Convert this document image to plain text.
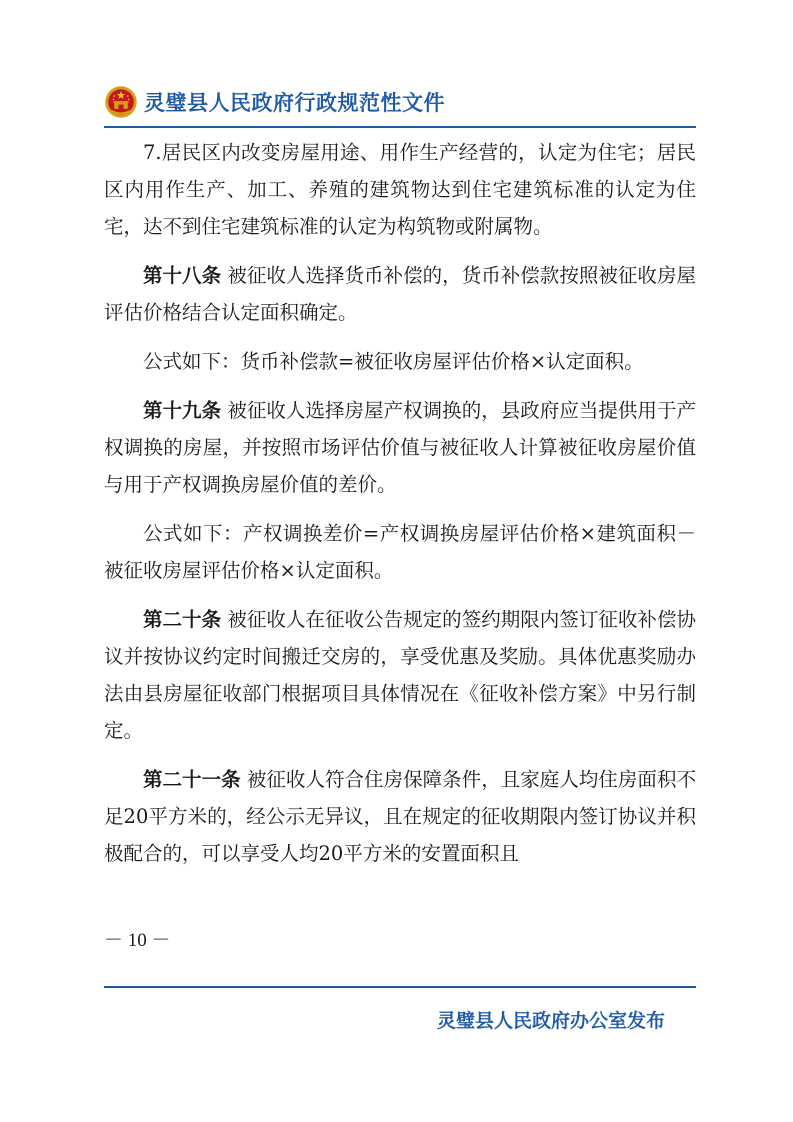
灵璧县人民政府行政规范性文件

7.居民区内改变房屋用途、用作生产经营的，认定为住宅；居民区内用作生产、加工、养殖的建筑物达到住宅建筑标准的认定为住宅，达不到住宅建筑标准的认定为构筑物或附属物。

第十八条 被征收人选择货币补偿的，货币补偿款按照被征收房屋评估价格结合认定面积确定。

公式如下：货币补偿款=被征收房屋评估价格×认定面积。

第十九条 被征收人选择房屋产权调换的，县政府应当提供用于产权调换的房屋，并按照市场评估价值与被征收人计算被征收房屋价值与用于产权调换房屋价值的差价。

公式如下：产权调换差价=产权调换房屋评估价格×建筑面积－被征收房屋评估价格×认定面积。

第二十条 被征收人在征收公告规定的签约期限内签订征收补偿协议并按协议约定时间搬迁交房的，享受优惠及奖励。具体优惠奖励办法由县房屋征收部门根据项目具体情况在《征收补偿方案》中另行制定。

第二十一条 被征收人符合住房保障条件，且家庭人均住房面积不足20平方米的，经公示无异议，且在规定的征收期限内签订协议并积极配合的，可以享受人均20平方米的安置面积且

－ 10 －
灵璧县人民政府办公室发布
